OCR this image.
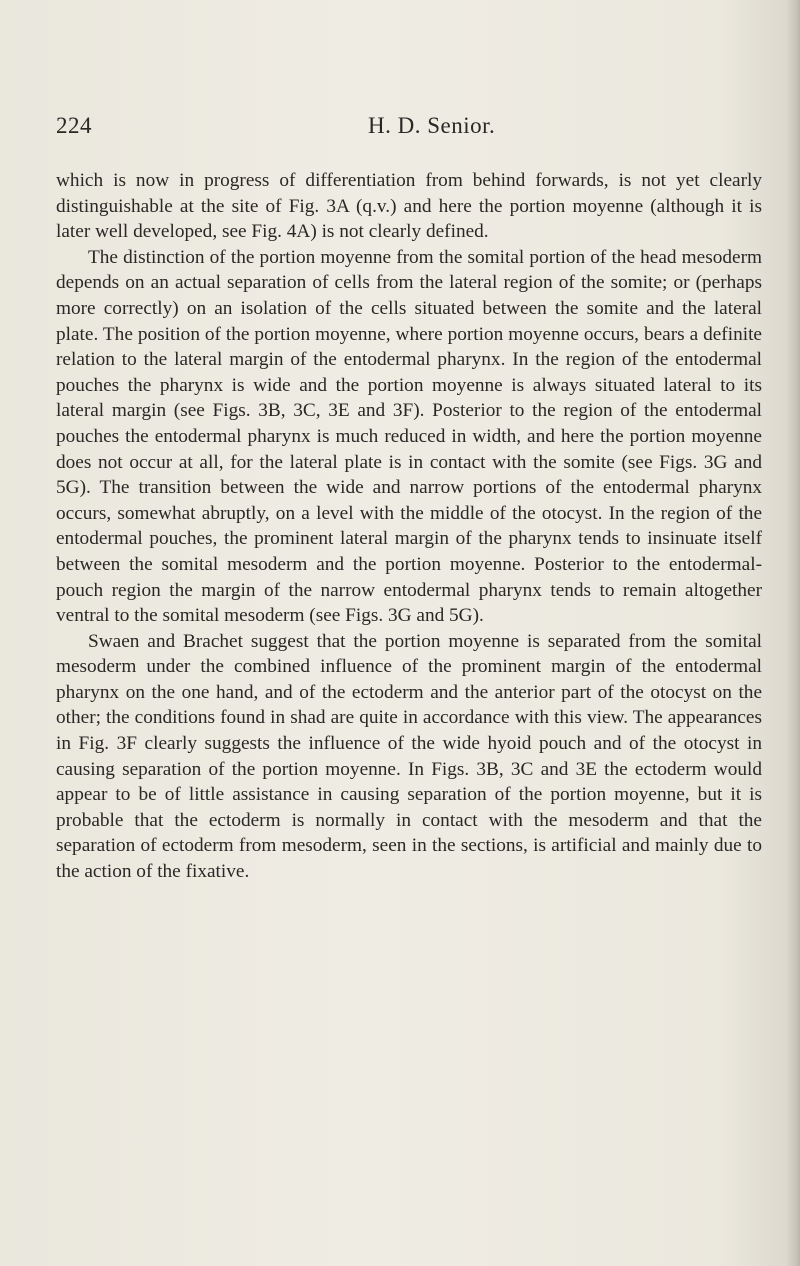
224	H. D. Senior.

which is now in progress of differentiation from behind forwards, is not yet clearly distinguishable at the site of Fig. 3A (q.v.) and here the portion moyenne (although it is later well developed, see Fig. 4A) is not clearly defined.

The distinction of the portion moyenne from the somital portion of the head mesoderm depends on an actual separation of cells from the lateral region of the somite; or (perhaps more correctly) on an isolation of the cells situated between the somite and the lateral plate. The position of the portion moyenne, where portion moyenne occurs, bears a definite relation to the lateral margin of the entodermal pharynx. In the region of the entodermal pouches the pharynx is wide and the portion moyenne is always situated lateral to its lateral margin (see Figs. 3B, 3C, 3E and 3F). Posterior to the region of the entodermal pouches the entodermal pharynx is much reduced in width, and here the portion moyenne does not occur at all, for the lateral plate is in contact with the somite (see Figs. 3G and 5G). The transition between the wide and narrow portions of the entodermal pharynx occurs, somewhat abruptly, on a level with the middle of the otocyst. In the region of the entodermal pouches, the prominent lateral margin of the pharynx tends to insinuate itself between the somital mesoderm and the portion moyenne. Posterior to the entodermal-pouch region the margin of the narrow entodermal pharynx tends to remain altogether ventral to the somital mesoderm (see Figs. 3G and 5G).

Swaen and Brachet suggest that the portion moyenne is separated from the somital mesoderm under the combined influence of the prominent margin of the entodermal pharynx on the one hand, and of the ectoderm and the anterior part of the otocyst on the other; the conditions found in shad are quite in accordance with this view. The appearances in Fig. 3F clearly suggests the influence of the wide hyoid pouch and of the otocyst in causing separation of the portion moyenne. In Figs. 3B, 3C and 3E the ectoderm would appear to be of little assistance in causing separation of the portion moyenne, but it is probable that the ectoderm is normally in contact with the mesoderm and that the separation of ectoderm from mesoderm, seen in the sections, is artificial and mainly due to the action of the fixative.
